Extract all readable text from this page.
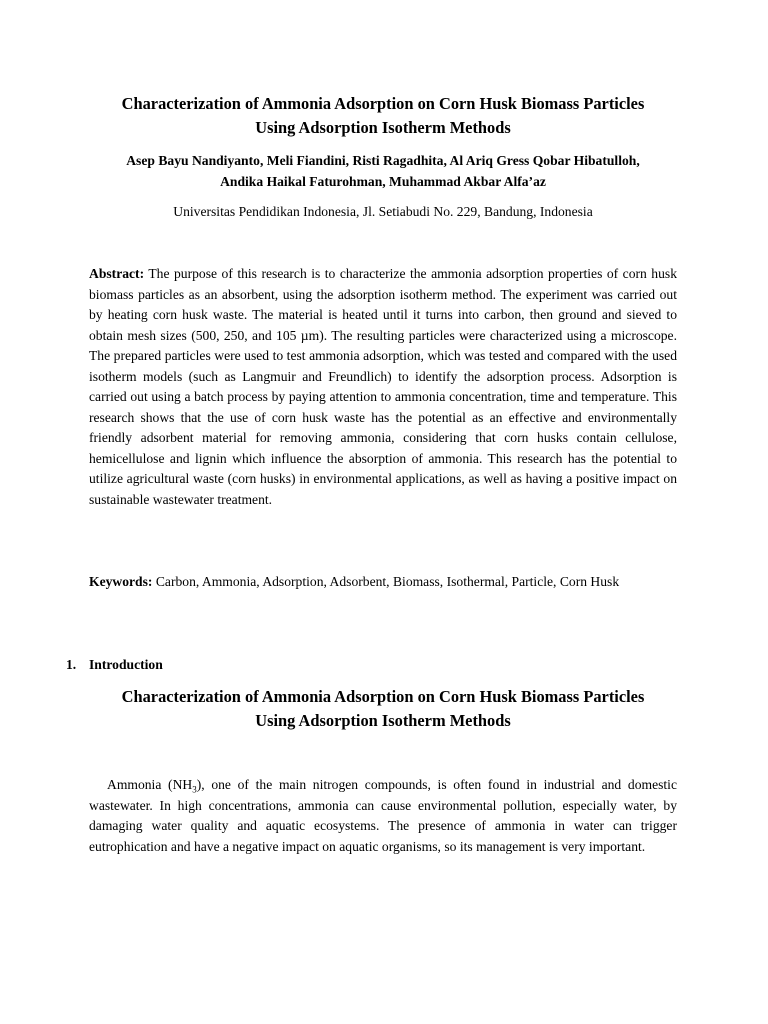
Characterization of Ammonia Adsorption on Corn Husk Biomass Particles
Using Adsorption Isotherm Methods
Asep Bayu Nandiyanto, Meli Fiandini, Risti Ragadhita, Al Ariq Gress Qobar Hibatulloh,
Andika Haikal Faturohman, Muhammad Akbar Alfa’az
Universitas Pendidikan Indonesia, Jl. Setiabudi No. 229, Bandung, Indonesia

Abstract: The purpose of this research is to characterize the ammonia adsorption properties of corn husk biomass particles as an absorbent, using the adsorption isotherm method. The experiment was carried out by heating corn husk waste. The material is heated until it turns into carbon, then ground and sieved to obtain mesh sizes (500, 250, and 105 µm). The resulting particles were characterized using a microscope. The prepared particles were used to test ammonia adsorption, which was tested and compared with the used isotherm models (such as Langmuir and Freundlich) to identify the adsorption process. Adsorption is carried out using a batch process by paying attention to ammonia concentration, time and temperature. This research shows that the use of corn husk waste has the potential as an effective and environmentally friendly adsorbent material for removing ammonia, considering that corn husks contain cellulose, hemicellulose and lignin which influence the absorption of ammonia. This research has the potential to utilize agricultural waste (corn husks) in environmental applications, as well as having a positive impact on sustainable wastewater treatment.

Keywords: Carbon, Ammonia, Adsorption, Adsorbent, Biomass, Isothermal, Particle, Corn Husk

1. Introduction
Characterization of Ammonia Adsorption on Corn Husk Biomass Particles
Using Adsorption Isotherm Methods

Ammonia $(NH_3)$, one of the main nitrogen compounds, is often found in industrial and domestic wastewater. In high concentrations, ammonia can cause environmental pollution, especially water, by damaging water quality and aquatic ecosystems. The presence of ammonia in water can trigger eutrophication and have a negative impact on aquatic organisms, so its management is very important.
